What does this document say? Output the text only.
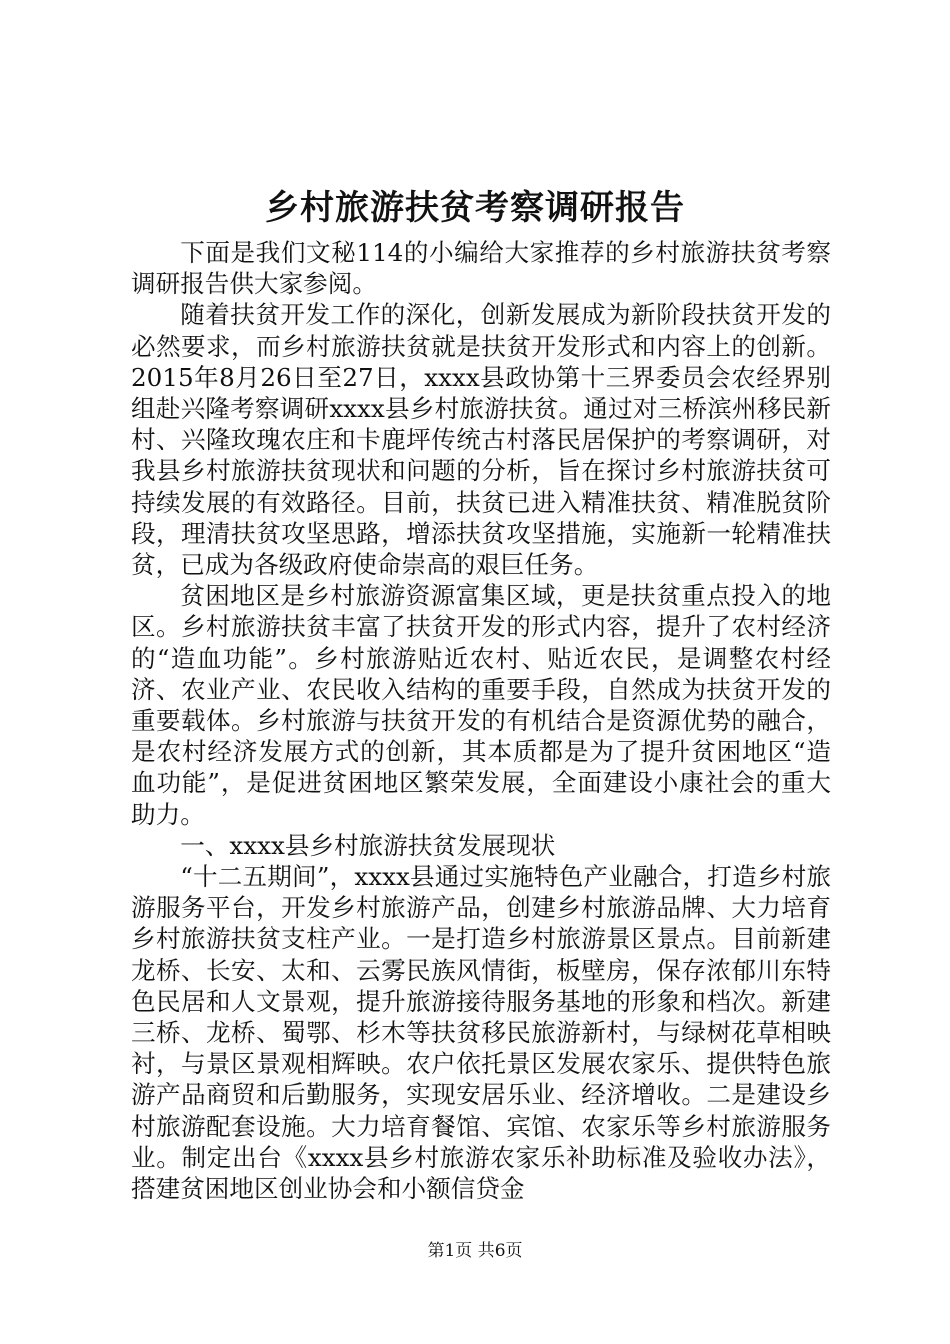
乡村旅游扶贫考察调研报告

下面是我们文秘114的小编给大家推荐的乡村旅游扶贫考察调研报告供大家参阅。

随着扶贫开发工作的深化，创新发展成为新阶段扶贫开发的必然要求，而乡村旅游扶贫就是扶贫开发形式和内容上的创新。2015年8月26日至27日，xxxx县政协第十三界委员会农经界别组赴兴隆考察调研xxxx县乡村旅游扶贫。通过对三桥滨州移民新村、兴隆玫瑰农庄和卡鹿坪传统古村落民居保护的考察调研，对我县乡村旅游扶贫现状和问题的分析，旨在探讨乡村旅游扶贫可持续发展的有效路径。目前，扶贫已进入精准扶贫、精准脱贫阶段，理清扶贫攻坚思路，增添扶贫攻坚措施，实施新一轮精准扶贫，已成为各级政府使命崇高的艰巨任务。

贫困地区是乡村旅游资源富集区域，更是扶贫重点投入的地区。乡村旅游扶贫丰富了扶贫开发的形式内容，提升了农村经济的“造血功能”。乡村旅游贴近农村、贴近农民，是调整农村经济、农业产业、农民收入结构的重要手段，自然成为扶贫开发的重要载体。乡村旅游与扶贫开发的有机结合是资源优势的融合，是农村经济发展方式的创新，其本质都是为了提升贫困地区“造血功能”，是促进贫困地区繁荣发展，全面建设小康社会的重大助力。

一、xxxx县乡村旅游扶贫发展现状

“十二五期间”，xxxx县通过实施特色产业融合，打造乡村旅游服务平台，开发乡村旅游产品，创建乡村旅游品牌、大力培育乡村旅游扶贫支柱产业。一是打造乡村旅游景区景点。目前新建龙桥、长安、太和、云雾民族风情街，板壁房，保存浓郁川东特色民居和人文景观，提升旅游接待服务基地的形象和档次。新建三桥、龙桥、蜀鄂、杉木等扶贫移民旅游新村，与绿树花草相映衬，与景区景观相辉映。农户依托景区发展农家乐、提供特色旅游产品商贸和后勤服务，实现安居乐业、经济增收。二是建设乡村旅游配套设施。大力培育餐馆、宾馆、农家乐等乡村旅游服务业。制定出台《xxxx县乡村旅游农家乐补助标准及验收办法》，搭建贫困地区创业协会和小额信贷金

第1页 共6页
